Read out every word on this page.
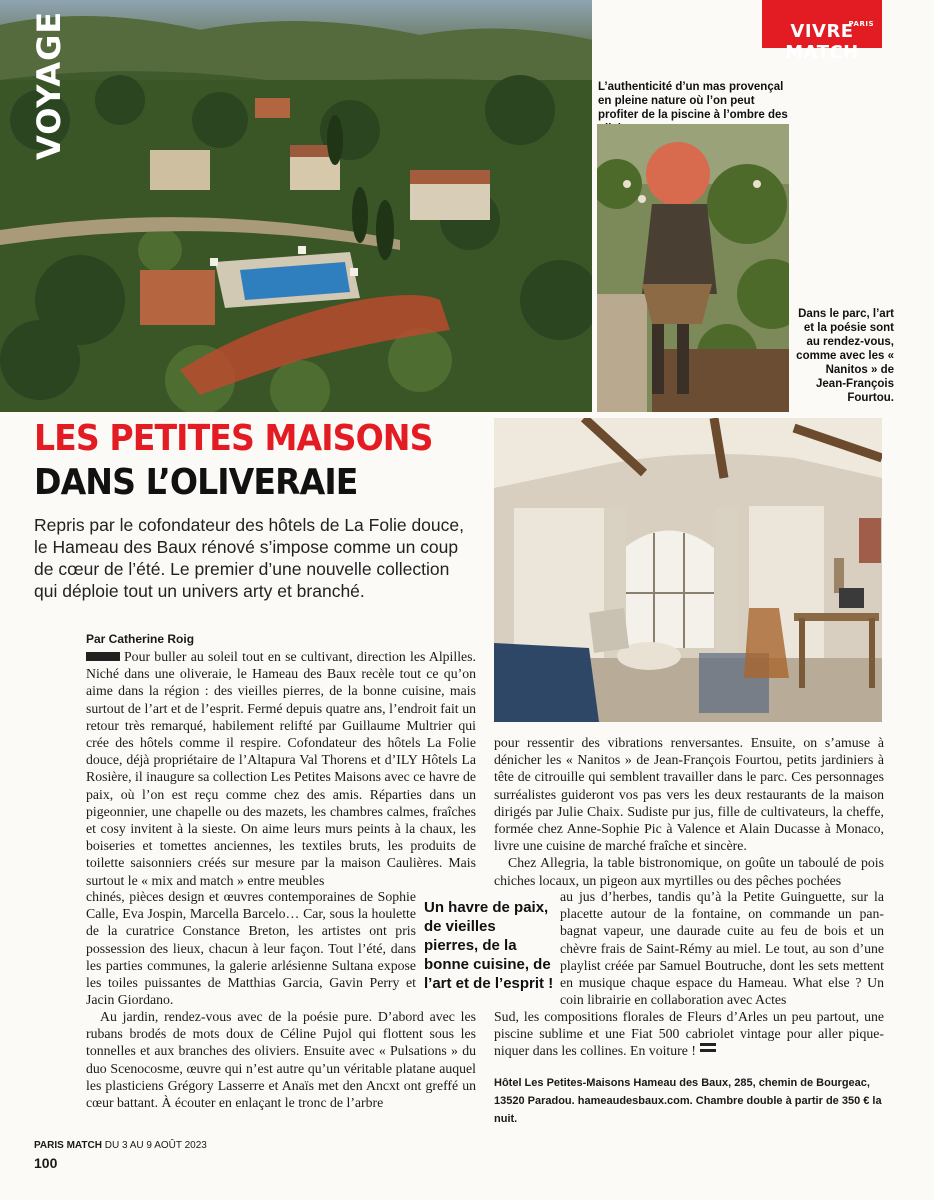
VOYAGE	PARIS
VIVRE MATCH
L’authenticité d’un mas provençal en pleine nature où l’on peut profiter de la piscine à l’ombre des
Dans le parc, l’art et la poésie sont au rendez-vous, comme avec les « Nanitos » de Jean-François Fourtou.
LES PETITES MAISONS
DANS L’OLIVERAIE
Repris par le cofondateur des hôtels de La Folie douce, le Hameau des Baux rénové s’impose comme un coup de cœur de l’été. Le premier d’une nouvelle collection qui déploie tout un univers arty et branché.
Par Catherine Roig

Pour buller au soleil tout en se cultivant, direction les Alpilles. Niché dans une oliveraie, le Hameau des Baux recèle tout ce qu’on aime dans la région : des vieilles pierres, de la bonne cuisine, mais surtout de l’art et de l’esprit. Fermé depuis quatre ans, l’endroit fait un retour très remarqué, habilement relifté par Guillaume Multrier qui crée des hôtels comme il respire. Cofondateur des hôtels La Folie douce, déjà propriétaire de l’Altapura Val Thorens et d’ILY Hôtels La Rosière, il inaugure sa collection Les Petites Maisons avec ce havre de paix, où l’on est reçu comme chez des amis. Réparties dans un pigeonnier, une chapelle ou des mazets, les chambres calmes, fraîches et cosy invitent à la sieste. On aime leurs murs peints à la chaux, les boiseries et tomettes anciennes, les textiles bruts, les produits de toilette saisonniers créés sur mesure par la maison Caulières. Mais surtout le « mix and match » entre meubles

chinés, pièces design et œuvres contemporaines de Sophie Calle, Eva Jospin, Marcella Barcelo… Car, sous la houlette de la curatrice Constance Breton, les artistes ont pris possession des lieux, chacun à leur façon. Tout l’été, dans les parties communes, la galerie arlésienne Sultana expose les toiles puissantes de Matthias Garcia, Gavin Perry et Jacin Giordano.

Au jardin, rendez-vous avec de la poésie pure. D’abord avec les rubans brodés de mots doux de Céline Pujol qui flottent sous les tonnelles et aux branches des oliviers. Ensuite avec « Pulsations » du duo Scenocosme, œuvre qui n’est autre qu’un véritable platane auquel les plasticiens Grégory Lasserre et Anaïs met den Ancxt ont greffé un cœur battant. À écouter en enlaçant le tronc de l’arbre

Un havre de paix, de vieilles pierres, de la bonne cuisine, de l’art et de l’esprit !

pour ressentir des vibrations renversantes. Ensuite, on s’amuse à dénicher les « Nanitos » de Jean-François Fourtou, petits jardiniers à tête de citrouille qui semblent travailler dans le parc. Ces personnages surréalistes guideront vos pas vers les deux restaurants de la maison dirigés par Julie Chaix. Sudiste pur jus, fille de cultivateurs, la cheffe, formée chez Anne-Sophie Pic à Valence et Alain Ducasse à Monaco, livre une cuisine de marché fraîche et sincère.

Chez Allegria, la table bistronomique, on goûte un taboulé de pois chiches locaux, un pigeon aux myrtilles ou des pêches pochées

au jus d’herbes, tandis qu’à la Petite Guinguette, sur la placette autour de la fontaine, on commande un pan-bagnat vapeur, une daurade cuite au feu de bois et un chèvre frais de Saint-Rémy au miel. Le tout, au son d’une playlist créée par Samuel Boutruche, dont les sets mettent en musique chaque espace du Hameau. What else ? Un coin librairie en collaboration avec Actes

Sud, les compositions florales de Fleurs d’Arles un peu partout, une piscine sublime et une Fiat 500 cabriolet vintage pour aller pique-niquer dans les collines. En voiture !

Hôtel Les Petites-Maisons Hameau des Baux, 285, chemin de Bourgeac,
13520 Paradou. hameaudesbaux.com. Chambre double à partir de 350 € la nuit.
PARIS MATCH DU 3 AU 9 AOÛT 2023
100
